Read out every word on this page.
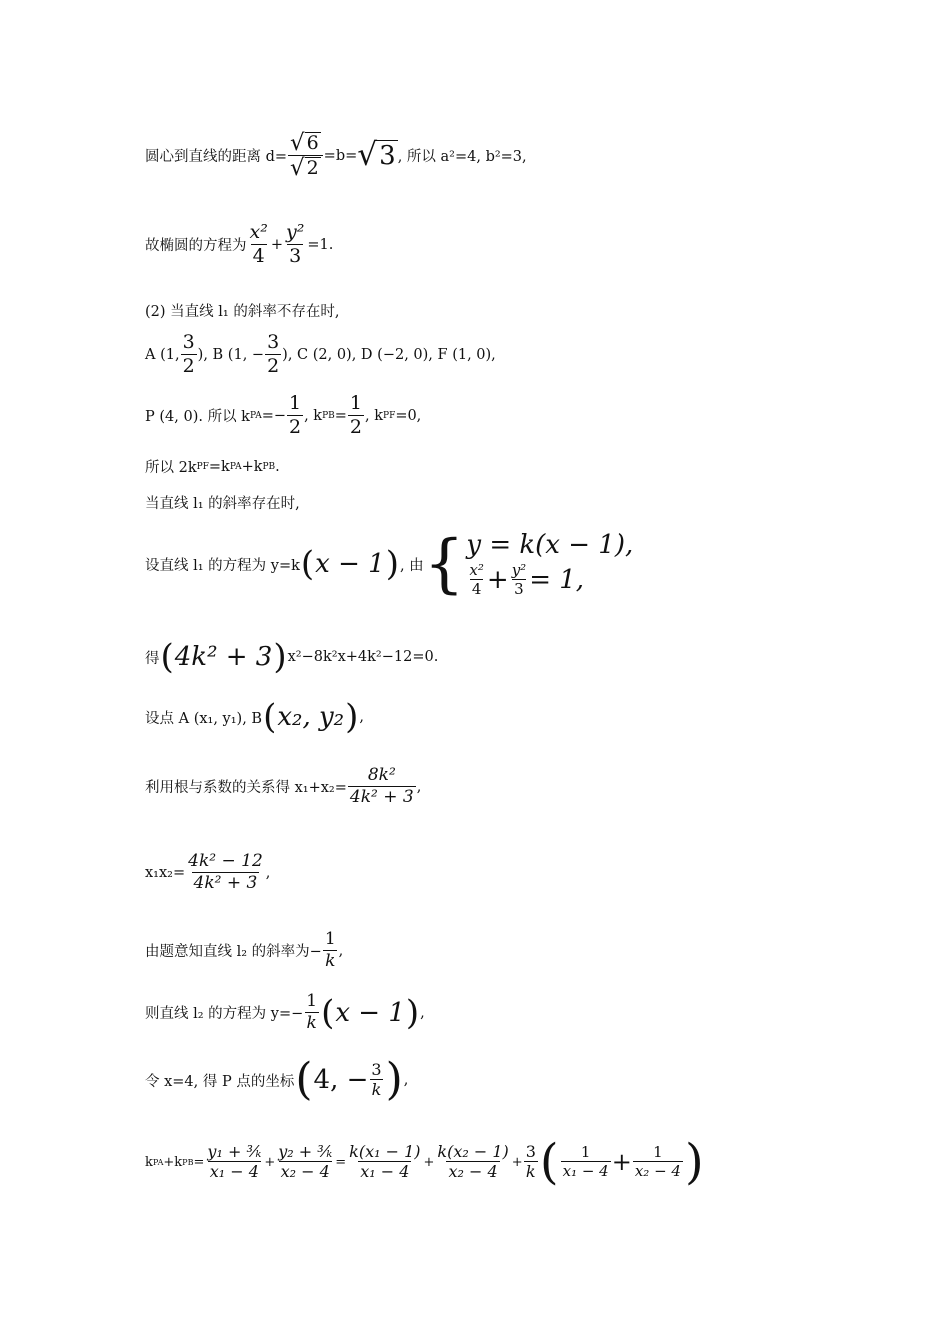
圆心到直线的距离 $d= \frac{√ 6}{√ 2} =b=$ √ 3 , 所以 a²=4, b²=3,
故椭圆的方程为 $\frac{\text{x²}}{4} + \frac{\text{y²}}{3} =1$.
(2) 当直线 l₁ 的斜率不存在时,
A (1, $\frac{3}{2}$ ), B (1, − $\frac{3}{2}$ ), C (2, 0), D (−2, 0), F (1, 0),
P (4, 0). 所以 k PA =− $\frac{1}{2}$ , k PB = $\frac{1}{2}$ , k PF =0,
所以 2k PF =k PA +k PB .
当直线 l₁ 的斜率存在时,
设直线 l₁ 的方程为 y=k ( x − 1 ) , 由 { y = k(x − 1),
$\frac{\text{x²}}{4} + \frac{\text{y²}}{3} = 1$,
得 ( 4k² + 3 ) x²−8k²x+4k²−12=0.
设点 A (x₁, y₁), B ( x₂, y₂ ) ,
利用根与系数的关系得 $x_1+x_2= \frac{\text{8k²}}{\text{4k² + 3}}$ ,
$x_1x_2= \frac{\text{4k² − 12}}{\text{4k² + 3}}$ ,
由题意知直线 l₂ 的斜率为− $\frac{1}{k}$ ,
则直线 l₂ 的方程为 $y=- \frac{1}{k}$ ( x − 1 ) ,
令 x=4, 得 P 点的坐标 ( 4, − $\frac{3}{k}$ ) ,
k PA +k PB = $\frac{\text{y₁ + ³⁄ₖ}}{\text{x₁ − 4}} + \frac{\text{y₂ + ³⁄ₖ}}{\text{x₂ − 4}} = \frac{\text{k(x₁ − 1)}}{\text{x₁ − 4}} + \frac{\text{k(x₂ − 1)}}{\text{x₂ − 4}} + \frac{3}{k}$ ( $\frac{1}{\text{x₁ − 4}} + \frac{1}{\text{x₂ − 4}}$ )
